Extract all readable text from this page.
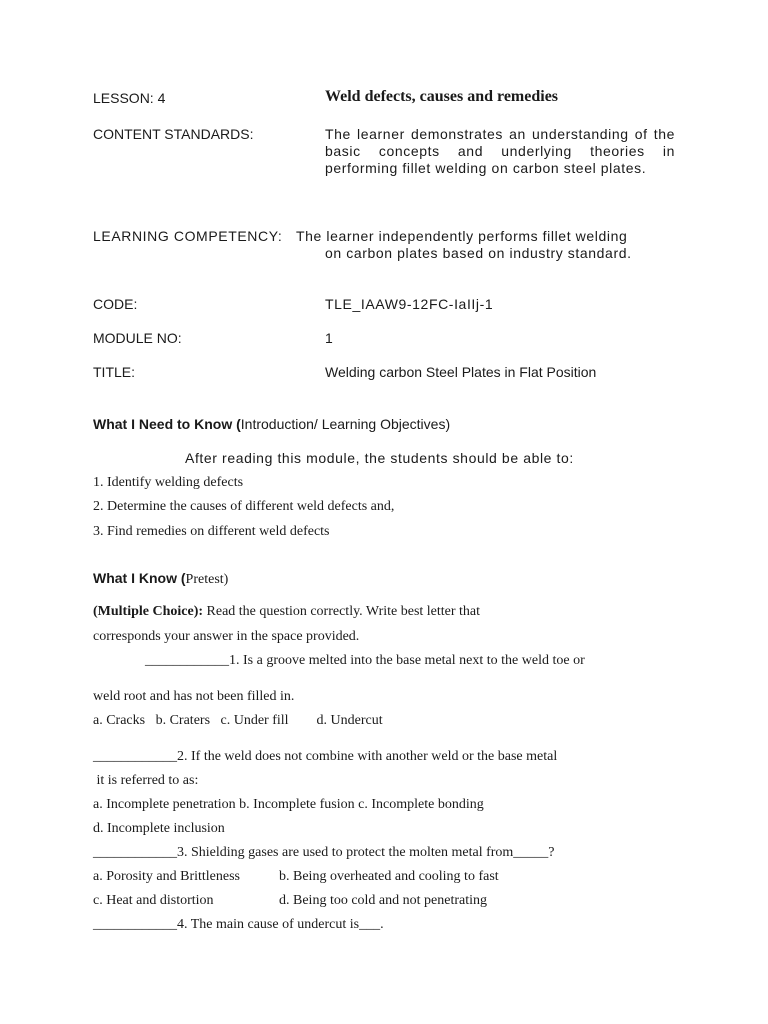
LESSON: 4	Weld defects, causes and remedies
CONTENT STANDARDS:	The learner demonstrates an understanding of the basic concepts and underlying theories in performing fillet welding on carbon steel plates.
LEARNING COMPETENCY: The learner independently performs fillet welding
on carbon plates based on industry standard.
CODE:	TLE_IAAW9-12FC-IaIIj-1
MODULE NO:	1
TITLE:	Welding carbon Steel Plates in Flat Position
What I Need to Know (Introduction/ Learning Objectives)
After reading this module, the students should be able to:
1. Identify welding defects
2. Determine the causes of different weld defects and,
3. Find remedies on different weld defects
What I Know (Pretest)
(Multiple Choice): Read the question correctly. Write best letter that
corresponds your answer in the space provided.
____________1. Is a groove melted into the base metal next to the weld toe or
weld root and has not been filled in.
a. Cracks   b. Craters   c. Under fill        d. Undercut
____________2. If the weld does not combine with another weld or the base metal
it is referred to as:
a. Incomplete penetration b. Incomplete fusion c. Incomplete bonding
d. Incomplete inclusion
____________3. Shielding gases are used to protect the molten metal from_____?
a. Porosity and Brittleness	b. Being overheated and cooling to fast
c. Heat and distortion	d. Being too cold and not penetrating
____________4. The main cause of undercut is___.
